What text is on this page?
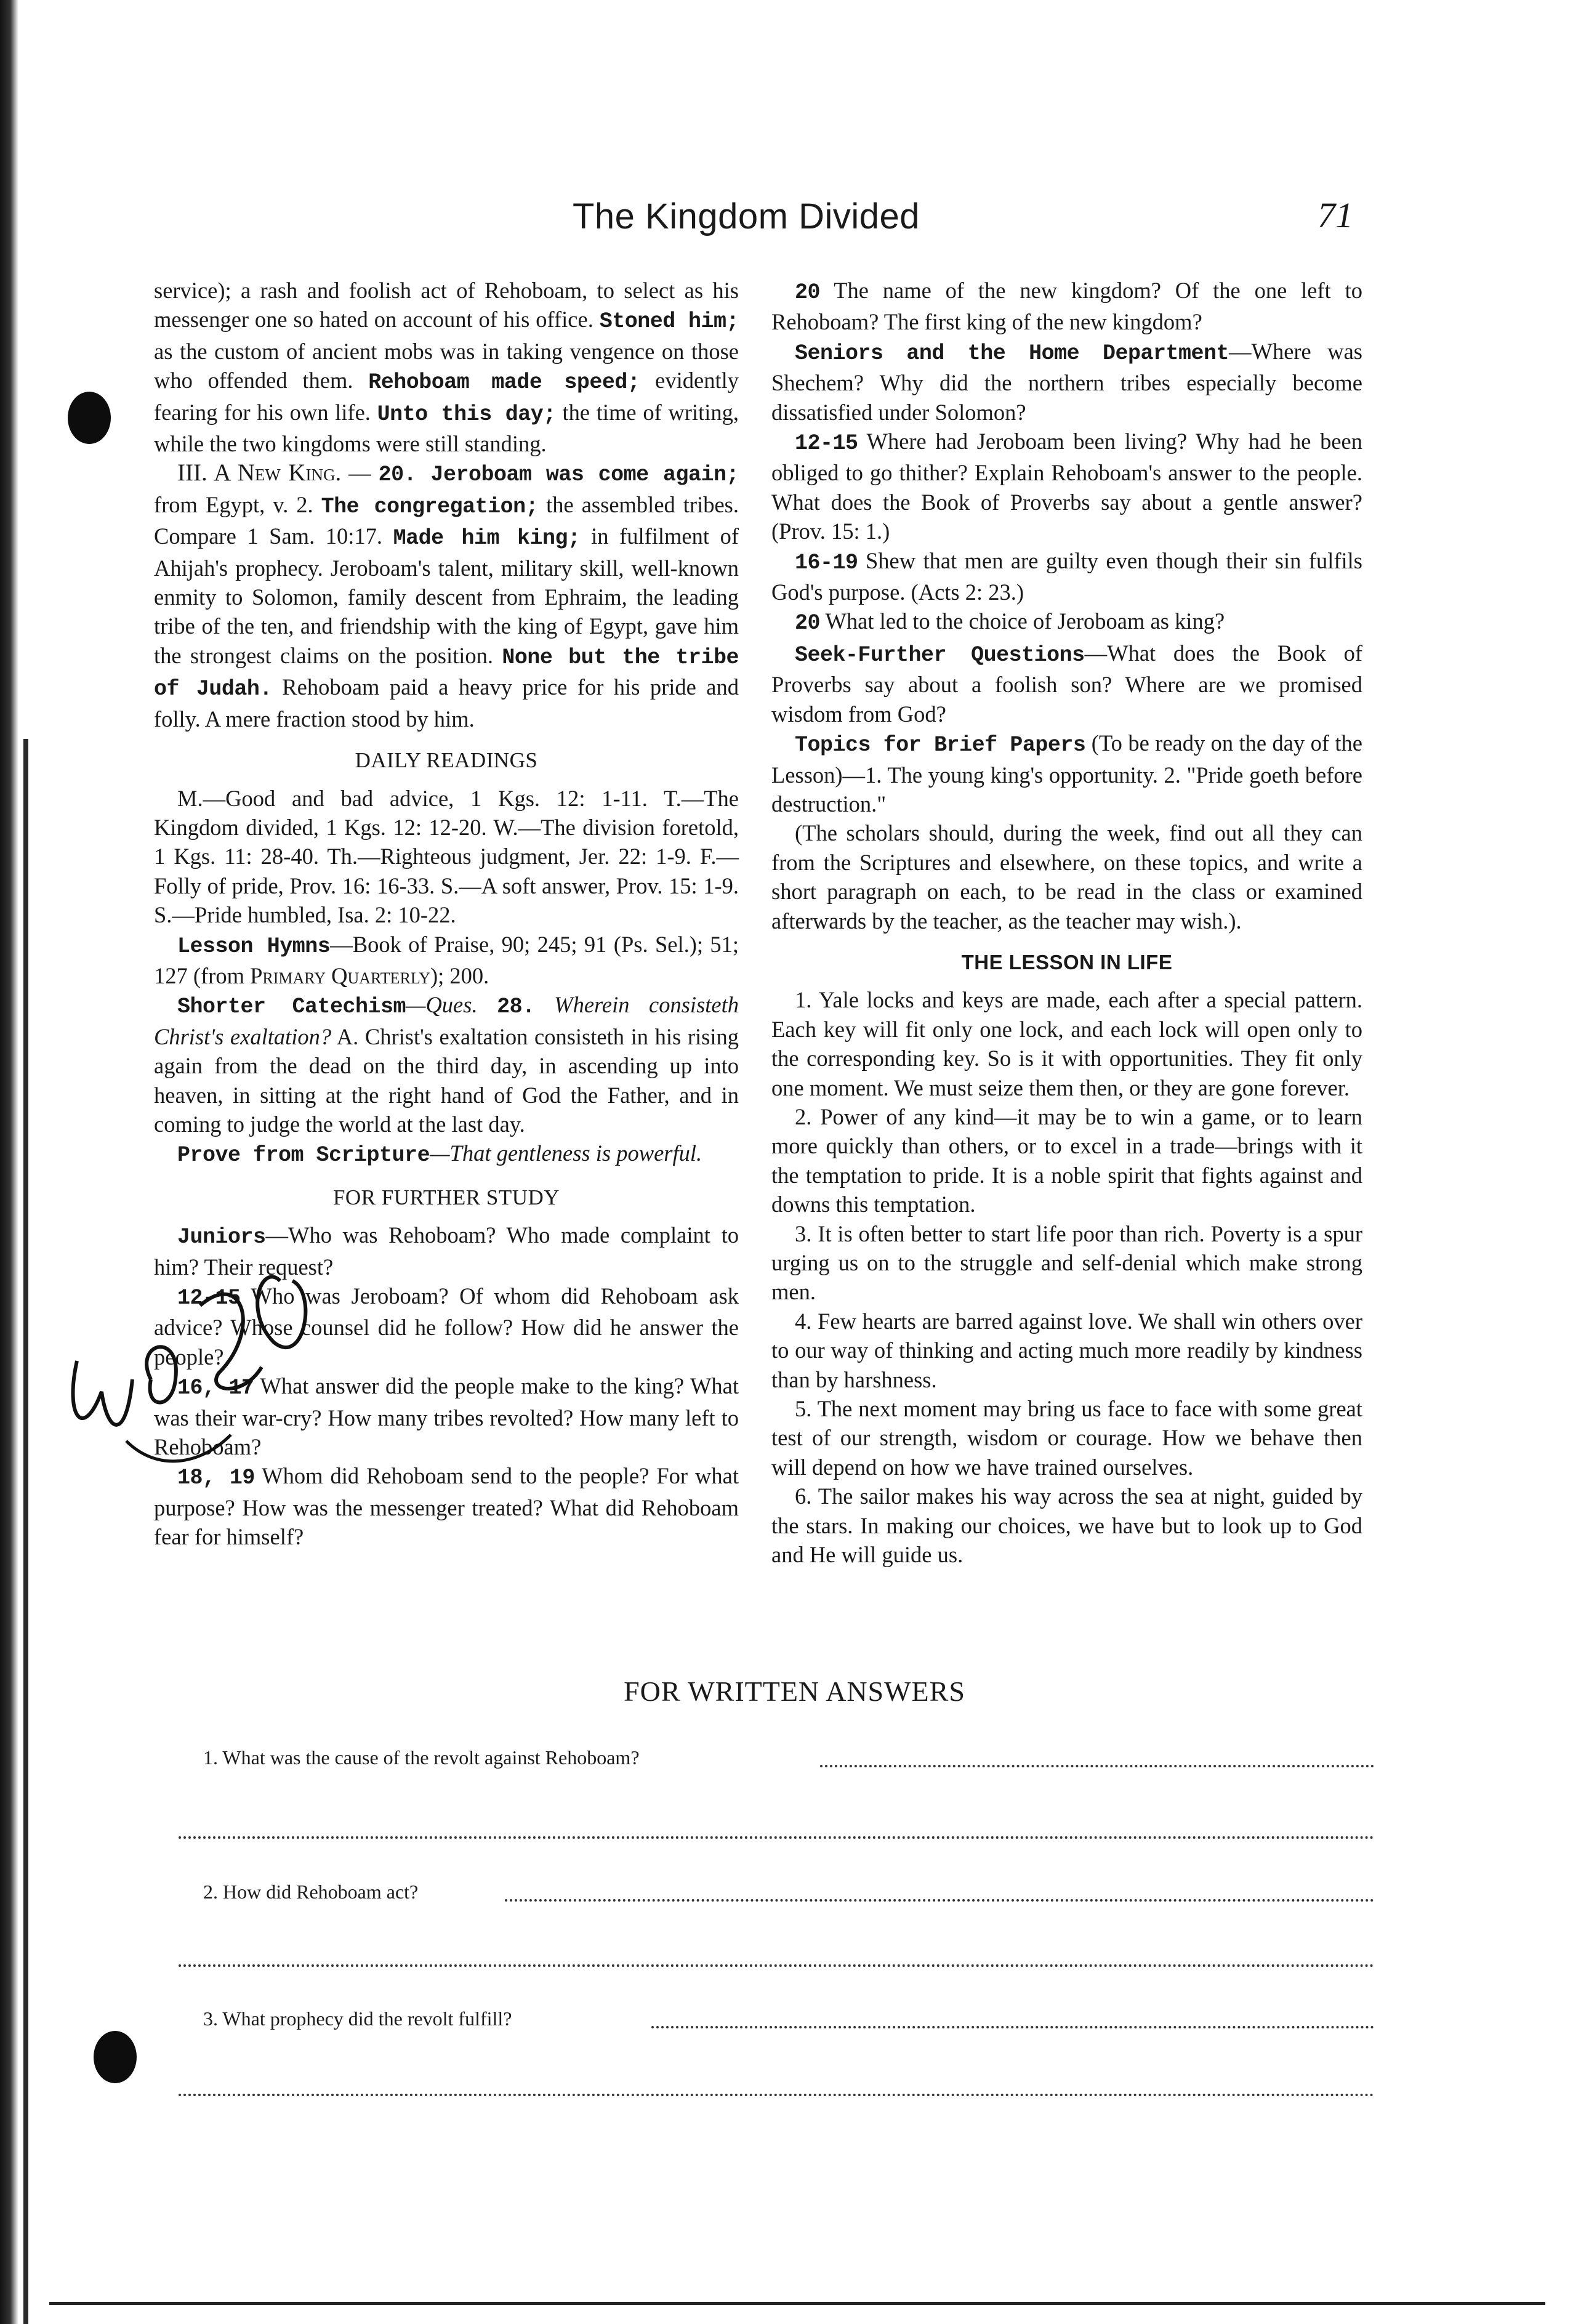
The Kingdom Divided	71

service); a rash and foolish act of Rehoboam, to select as his messenger one so hated on account of his office. Stoned him; as the custom of ancient mobs was in taking vengence on those who offended them. Rehoboam made speed; evidently fearing for his own life. Unto this day; the time of writing, while the two kingdoms were still standing.

III. A New King. — 20. Jeroboam was come again; from Egypt, v. 2. The congregation; the assembled tribes. Compare 1 Sam. 10:17. Made him king; in fulfilment of Ahijah's prophecy. Jeroboam's talent, military skill, well-known enmity to Solomon, family descent from Ephraim, the leading tribe of the ten, and friendship with the king of Egypt, gave him the strongest claims on the position. None but the tribe of Judah. Rehoboam paid a heavy price for his pride and folly. A mere fraction stood by him.

DAILY READINGS

M.—Good and bad advice, 1 Kgs. 12: 1-11. T.—The Kingdom divided, 1 Kgs. 12: 12-20. W.—The division foretold, 1 Kgs. 11: 28-40. Th.—Righteous judgment, Jer. 22: 1-9. F.—Folly of pride, Prov. 16: 16-33. S.—A soft answer, Prov. 15: 1-9. S.—Pride humbled, Isa. 2: 10-22.

Lesson Hymns—Book of Praise, 90; 245; 91 (Ps. Sel.); 51; 127 (from Primary Quarterly); 200.

Shorter Catechism—Ques. 28. Wherein consisteth Christ's exaltation? A. Christ's exaltation consisteth in his rising again from the dead on the third day, in ascending up into heaven, in sitting at the right hand of God the Father, and in coming to judge the world at the last day.

Prove from Scripture—That gentleness is powerful.

FOR FURTHER STUDY

Juniors—Who was Rehoboam? Who made complaint to him? Their request?

12-15 Who was Jeroboam? Of whom did Rehoboam ask advice? Whose counsel did he follow? How did he answer the people?

16, 17 What answer did the people make to the king? What was their war-cry? How many tribes revolted? How many left to Rehoboam?

18, 19 Whom did Rehoboam send to the people? For what purpose? How was the messenger treated? What did Rehoboam fear for himself?

20 The name of the new kingdom? Of the one left to Rehoboam? The first king of the new kingdom?

Seniors and the Home Department—Where was Shechem? Why did the northern tribes especially become dissatisfied under Solomon?

12-15 Where had Jeroboam been living? Why had he been obliged to go thither? Explain Rehoboam's answer to the people. What does the Book of Proverbs say about a gentle answer? (Prov. 15: 1.)

16-19 Shew that men are guilty even though their sin fulfils God's purpose. (Acts 2: 23.)

20 What led to the choice of Jeroboam as king?

Seek-Further Questions—What does the Book of Proverbs say about a foolish son? Where are we promised wisdom from God?

Topics for Brief Papers (To be ready on the day of the Lesson)—1. The young king's opportunity. 2. "Pride goeth before destruction."

(The scholars should, during the week, find out all they can from the Scriptures and elsewhere, on these topics, and write a short paragraph on each, to be read in the class or examined afterwards by the teacher, as the teacher may wish.).

THE LESSON IN LIFE

1. Yale locks and keys are made, each after a special pattern. Each key will fit only one lock, and each lock will open only to the corresponding key. So is it with opportunities. They fit only one moment. We must seize them then, or they are gone forever.

2. Power of any kind—it may be to win a game, or to learn more quickly than others, or to excel in a trade—brings with it the temptation to pride. It is a noble spirit that fights against and downs this temptation.

3. It is often better to start life poor than rich. Poverty is a spur urging us on to the struggle and self-denial which make strong men.

4. Few hearts are barred against love. We shall win others over to our way of thinking and acting much more readily by kindness than by harshness.

5. The next moment may bring us face to face with some great test of our strength, wisdom or courage. How we behave then will depend on how we have trained ourselves.

6. The sailor makes his way across the sea at night, guided by the stars. In making our choices, we have but to look up to God and He will guide us.

FOR WRITTEN ANSWERS
1. What was the cause of the revolt against Rehoboam?
2. How did Rehoboam act?
3. What prophecy did the revolt fulfill?
